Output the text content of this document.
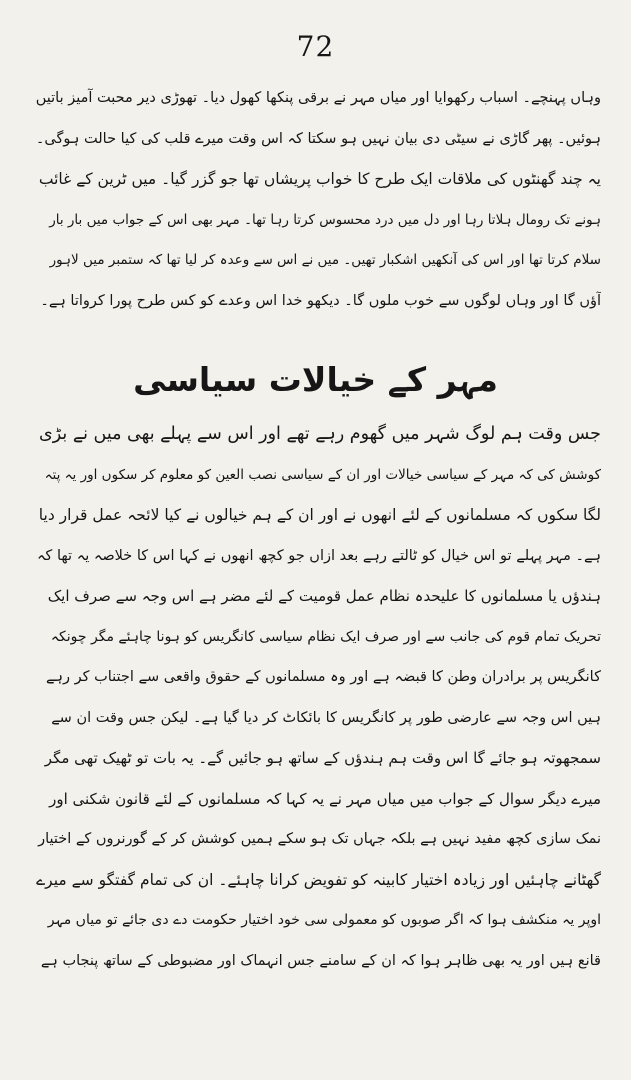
72
وہاں پہنچے۔ اسباب رکھوایا اور میاں مہر نے برقی پنکھا کھول دیا۔ تھوڑی دیر محبت آمیز باتیں
ہوئیں۔ پھر گاڑی نے سیٹی دی بیان نہیں ہو سکتا کہ اس وقت میرے قلب کی کیا حالت ہوگی۔
یہ چند گھنٹوں کی ملاقات ایک طرح کا خواب پریشاں تھا جو گزر گیا۔ میں ٹرین کے غائب
ہونے تک رومال ہلاتا رہا اور دل میں درد محسوس کرتا رہا تھا۔ مہر بھی اس کے جواب میں بار بار
سلام کرتا تھا اور اس کی آنکھیں اشکبار تھیں۔ میں نے اس سے وعدہ کر لیا تھا کہ ستمبر میں لاہور
آؤں گا اور وہاں لوگوں سے خوب ملوں گا۔ دیکھو خدا اس وعدے کو کس طرح پورا کرواتا ہے۔
مہر کے خیالات سیاسی
جس وقت ہم لوگ شہر میں گھوم رہے تھے اور اس سے پہلے بھی میں نے بڑی
کوشش کی کہ مہر کے سیاسی خیالات اور ان کے سیاسی نصب العین کو معلوم کر سکوں اور یہ پتہ
لگا سکوں کہ مسلمانوں کے لئے انھوں نے اور ان کے ہم خیالوں نے کیا لائحہ عمل قرار دیا
ہے۔ مہر پہلے تو اس خیال کو ٹالتے رہے بعد ازاں جو کچھ انھوں نے کہا اس کا خلاصہ یہ تھا کہ
ہندؤں یا مسلمانوں کا علیحدہ نظام عمل قومیت کے لئے مضر ہے اس وجہ سے صرف ایک
تحریک تمام قوم کی جانب سے اور صرف ایک نظام سیاسی کانگریس کو ہونا چاہئے مگر چونکہ
کانگریس پر برادران وطن کا قبضہ ہے اور وہ مسلمانوں کے حقوق واقعی سے اجتناب کر رہے
ہیں اس وجہ سے عارضی طور پر کانگریس کا بائکاٹ کر دیا گیا ہے۔ لیکن جس وقت ان سے
سمجھوتہ ہو جائے گا اس وقت ہم ہندؤں کے ساتھ ہو جائیں گے۔ یہ بات تو ٹھیک تھی مگر
میرے دیگر سوال کے جواب میں میاں مہر نے یہ کہا کہ مسلمانوں کے لئے قانون شکنی اور
نمک سازی کچھ مفید نہیں ہے بلکہ جہاں تک ہو سکے ہمیں کوشش کر کے گورنروں کے اختیار
گھٹانے چاہئیں اور زیادہ اختیار کابینہ کو تفویض کرانا چاہئے۔ ان کی تمام گفتگو سے میرے
اوپر یہ منکشف ہوا کہ اگر صوبوں کو معمولی سی خود اختیار حکومت دے دی جائے تو میاں مہر
قانع ہیں اور یہ بھی ظاہر ہوا کہ ان کے سامنے جس انہماک اور مضبوطی کے ساتھ پنجاب ہے
